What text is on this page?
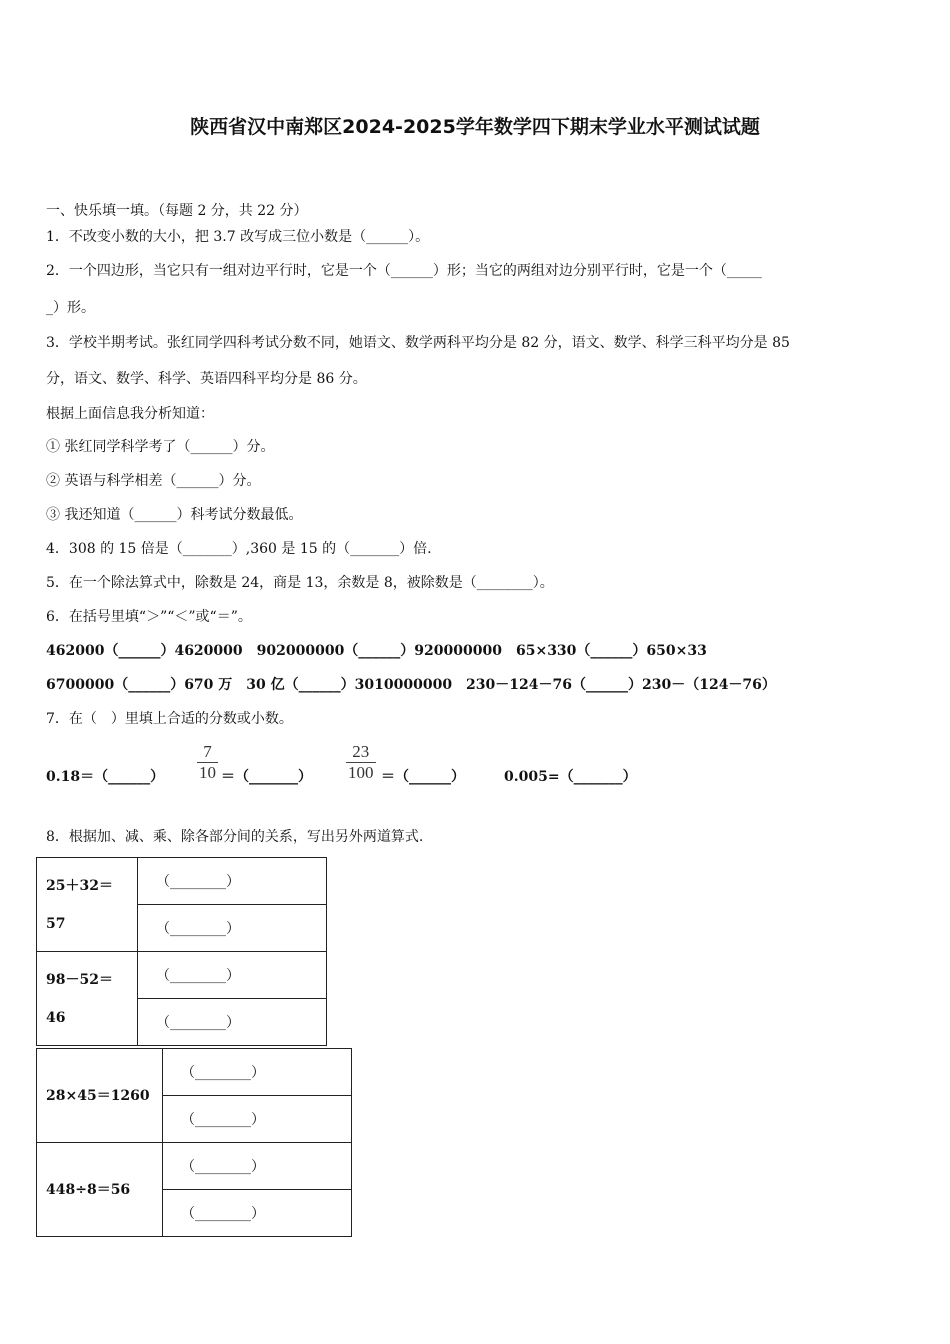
陕西省汉中南郑区2024-2025学年数学四下期末学业水平测试试题
一、快乐填一填。（每题 2 分，共 22 分）
1．不改变小数的大小，把 3.7 改写成三位小数是（______）。
2．一个四边形，当它只有一组对边平行时，它是一个（______）形；当它的两组对边分别平行时，它是一个（_____
_）形。
3．学校半期考试。张红同学四科考试分数不同，她语文、数学两科平均分是 82 分，语文、数学、科学三科平均分是 85
分，语文、数学、科学、英语四科平均分是 86 分。
根据上面信息我分析知道：
① 张红同学科学考了（______）分。
② 英语与科学相差（______）分。
③ 我还知道（______）科考试分数最低。
4．308 的 15 倍是（_______）,360 是 15 的（_______）倍.
5．在一个除法算式中，除数是 24，商是 13，余数是 8，被除数是（________）。
6．在括号里填“＞”“＜”或“＝”。
462000（______）4620000　902000000（______）920000000　65×330（______）650×33
6700000（______）670 万　30 亿（______）3010000000　230－124－76（______）230－（124－76）
7．在（　）里填上合适的分数或小数。
0.18＝（______）
7
10 ＝（_______）
23
100 ＝（______）	0.005=（_______）
8．根据加、减、乘、除各部分间的关系，写出另外两道算式.
25＋32＝
57	（________）
	（________）
98－52＝
46	（________）
	（________）
28×45＝1260	（________）
	（________）
448÷8＝56	（________）
	（________）
